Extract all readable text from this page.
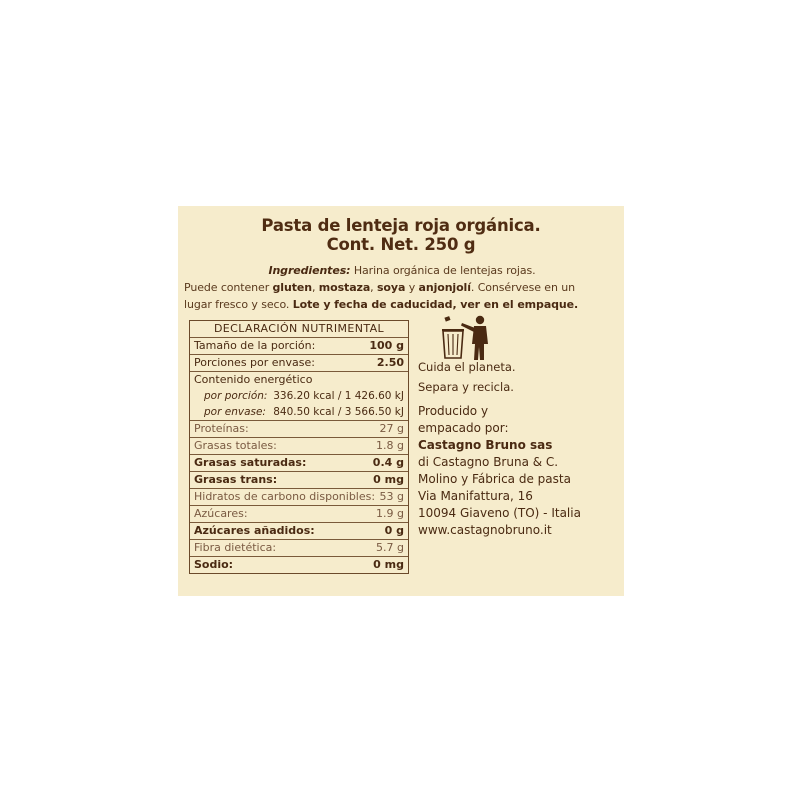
Pasta de lenteja roja orgánica.
Cont. Net. 250 g
Ingredientes: Harina orgánica de lentejas rojas.
Puede contener gluten, mostaza, soya y anjonjolí. Consérvese en un
lugar fresco y seco. Lote y fecha de caducidad, ver en el empaque.
DECLARACIÓN NUTRIMENTAL
Tamaño de la porción:	100 g
Porciones por envase:	2.50
Contenido energético
por porción: 336.20 kcal / 1 426.60 kJ
por envase: 840.50 kcal / 3 566.50 kJ
Proteínas:	27 g
Grasas totales:	1.8 g
Grasas saturadas:	0.4 g
Grasas trans:	0 mg
Hidratos de carbono disponibles: 53 g
Azúcares:	1.9 g
Azúcares añadidos:	0 g
Fibra dietética:	5.7 g
Sodio:	0 mg
Cuida el planeta.
Separa y recicla.
Producido y
empacado por:
Castagno Bruno sas
di Castagno Bruna & C.
Molino y Fábrica de pasta
Via Manifattura, 16
10094 Giaveno (TO) - Italia
www.castagnobruno.it
